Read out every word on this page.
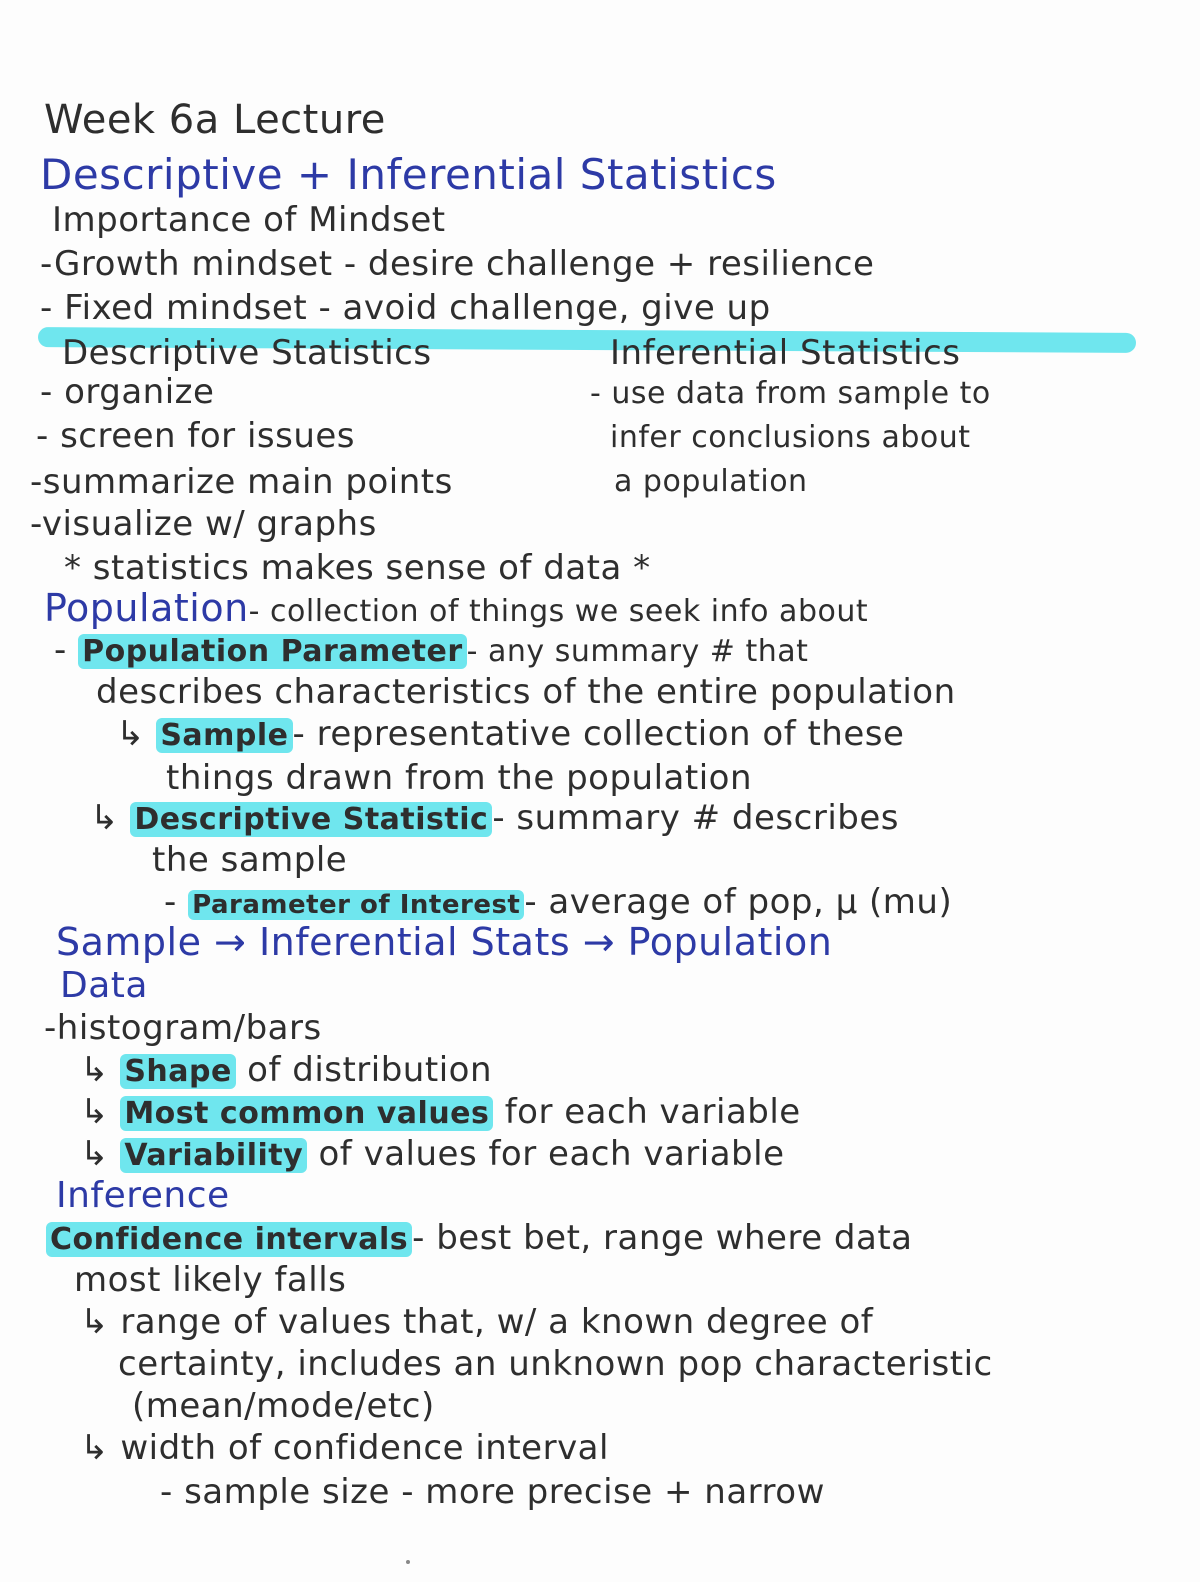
Week 6a Lecture
Descriptive + Inferential Statistics
Importance of Mindset
-Growth mindset - desire challenge + resilience
- Fixed mindset - avoid challenge, give up
Descriptive Statistics
- organize
- screen for issues
-summarize main points
-visualize w/ graphs
Inferential Statistics
- use data from sample to
infer conclusions about
a population
* statistics makes sense of data *
Population- collection of things we seek info about
- Population Parameter - any summary # that
describes characteristics of the entire population
↳ Sample - representative collection of these
things drawn from the population
↳ Descriptive Statistic - summary # describes
the sample
- Parameter of Interest - average of pop, μ (mu)
Sample → Inferential Stats → Population
Data
-histogram/bars
↳ Shape of distribution
↳ Most common values for each variable
↳ Variability of values for each variable
Inference
Confidence intervals - best bet, range where data
most likely falls
↳ range of values that, w/ a known degree of
certainty, includes an unknown pop characteristic
(mean/mode/etc)
↳ width of confidence interval
- sample size - more precise + narrow
